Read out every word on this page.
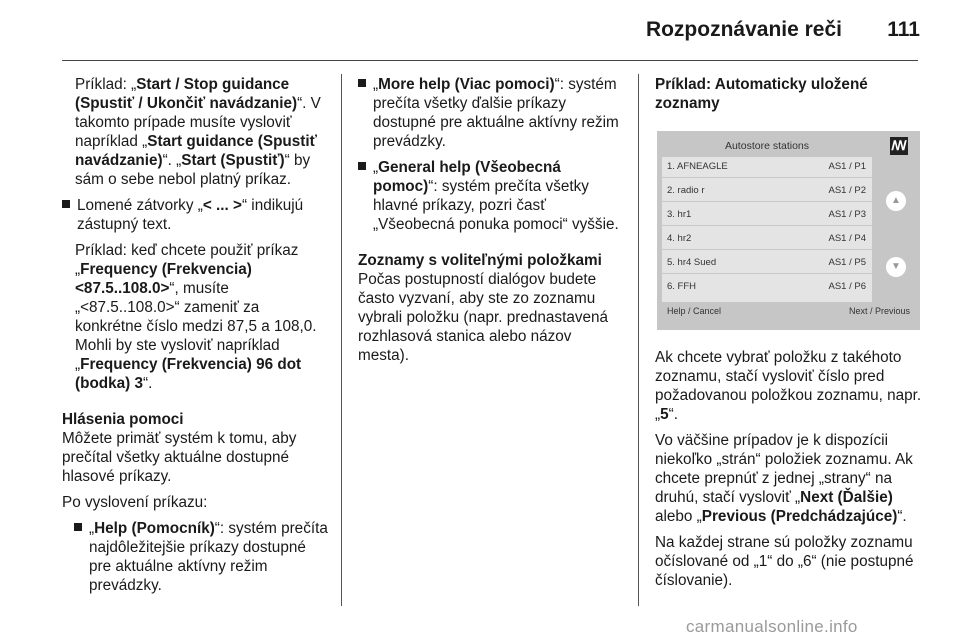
Rozpoznávanie reči 111

Príklad: „Start / Stop guidance (Spustiť / Ukončiť navádzanie)“. V takomto prípade musíte vysloviť napríklad „Start guidance (Spustiť navádzanie)“. „Start (Spustiť)“ by sám o sebe nebol platný príkaz.

Lomené zátvorky „< ... >“ indikujú zástupný text.

Príklad: keď chcete použiť príkaz „Frequency (Frekvencia) <87.5..108.0>“, musíte „<87.5..108.0>“ zameniť za konkrétne číslo medzi 87,5 a 108,0. Mohli by ste vysloviť napríklad „Frequency (Frekvencia) 96 dot (bodka) 3“.

Hlásenia pomoci

Môžete primäť systém k tomu, aby prečítal všetky aktuálne dostupné hlasové príkazy.

Po vyslovení príkazu:

„Help (Pomocník)“: systém prečíta najdôležitejšie príkazy dostupné pre aktuálne aktívny režim prevádzky.

„More help (Viac pomoci)“: systém prečíta všetky ďalšie príkazy dostupné pre aktuálne aktívny režim prevádzky.

„General help (Všeobecná pomoc)“: systém prečíta všetky hlavné príkazy, pozri časť „Všeobecná ponuka pomoci“ vyššie.

Zoznamy s voliteľnými položkami

Počas postupností dialógov budete často vyzvaní, aby ste zo zoznamu vybrali položku (napr. prednastavená rozhlasová stanica alebo názov mesta).

Príklad: Automaticky uložené zoznamy
Autostore stations	ꟿ
1. AFNEAGLE	AS1 / P1
2. radio r	AS1 / P2
3. hr1	AS1 / P3
4. hr2	AS1 / P4
5. hr4 Sued	AS1 / P5
6. FFH	AS1 / P6
▲
▼
Help / Cancel	Next / Previous

Ak chcete vybrať položku z takéhoto zoznamu, stačí vysloviť číslo pred požadovanou položkou zoznamu, napr. „5“.

Vo väčšine prípadov je k dispozícii niekoľko „strán“ položiek zoznamu. Ak chcete prepnúť z jednej „strany“ na druhú, stačí vysloviť „Next (Ďalšie) alebo „Previous (Predchádzajúce)“.

Na každej strane sú položky zoznamu očíslované od „1“ do „6“ (nie postupné číslovanie).

carmanualsonline.info
